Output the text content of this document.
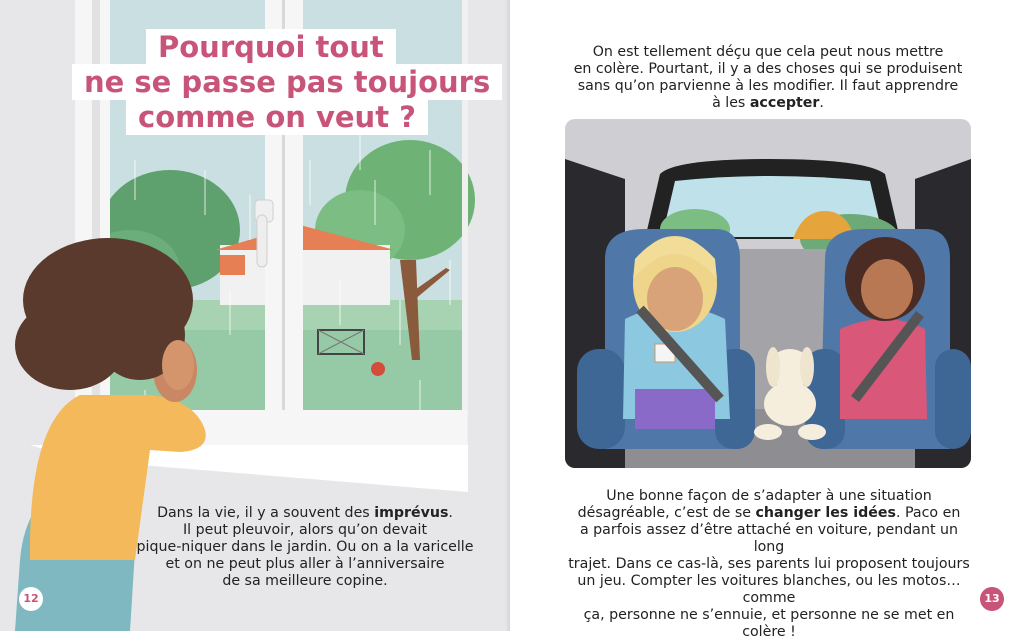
Pourquoi tout
ne se passe pas toujours
comme on veut ?
12

Dans la vie, il y a souvent des imprévus.

Il peut pleuvoir, alors qu’on devait

pique-niquer dans le jardin. Ou on a la varicelle

et on ne peut plus aller à l’anniversaire

de sa meilleure copine.

On est tellement déçu que cela peut nous mettre

en colère. Pourtant, il y a des choses qui se produisent

sans qu’on parvienne à les modifier. Il faut apprendre

à les accepter.

Une bonne façon de s’adapter à une situation

désagréable, c’est de se changer les idées. Paco en

a parfois assez d’être attaché en voiture, pendant un long

trajet. Dans ce cas-là, ses parents lui proposent toujours

un jeu. Compter les voitures blanches, ou les motos… comme

ça, personne ne s’ennuie, et personne ne se met en colère !

13
